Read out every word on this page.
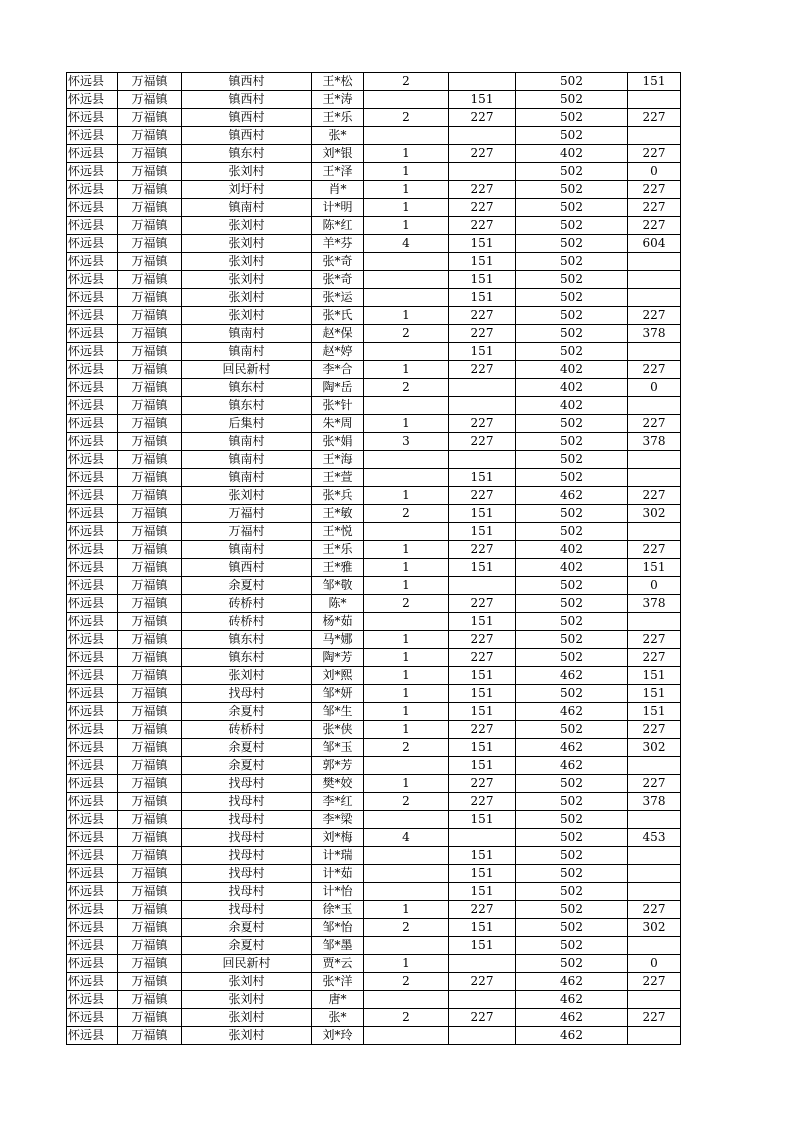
怀远县	万福镇	镇西村	王*松	2		502	151
怀远县	万福镇	镇西村	王*涛		151	502	
怀远县	万福镇	镇西村	王*乐	2	227	502	227
怀远县	万福镇	镇西村	张*			502	
怀远县	万福镇	镇东村	刘*银	1	227	402	227
怀远县	万福镇	张刘村	王*泽	1		502	0
怀远县	万福镇	刘圩村	肖*	1	227	502	227
怀远县	万福镇	镇南村	计*明	1	227	502	227
怀远县	万福镇	张刘村	陈*红	1	227	502	227
怀远县	万福镇	张刘村	羊*芬	4	151	502	604
怀远县	万福镇	张刘村	张*奇		151	502	
怀远县	万福镇	张刘村	张*奇		151	502	
怀远县	万福镇	张刘村	张*运		151	502	
怀远县	万福镇	张刘村	张*氏	1	227	502	227
怀远县	万福镇	镇南村	赵*保	2	227	502	378
怀远县	万福镇	镇南村	赵*婷		151	502	
怀远县	万福镇	回民新村	李*合	1	227	402	227
怀远县	万福镇	镇东村	陶*岳	2		402	0
怀远县	万福镇	镇东村	张*针			402	
怀远县	万福镇	后集村	朱*周	1	227	502	227
怀远县	万福镇	镇南村	张*娟	3	227	502	378
怀远县	万福镇	镇南村	王*海			502	
怀远县	万福镇	镇南村	王*萱		151	502	
怀远县	万福镇	张刘村	张*兵	1	227	462	227
怀远县	万福镇	万福村	王*敏	2	151	502	302
怀远县	万福镇	万福村	王*悦		151	502	
怀远县	万福镇	镇南村	王*乐	1	227	402	227
怀远县	万福镇	镇西村	王*雅	1	151	402	151
怀远县	万福镇	余夏村	邹*敬	1		502	0
怀远县	万福镇	砖桥村	陈*	2	227	502	378
怀远县	万福镇	砖桥村	杨*茹		151	502	
怀远县	万福镇	镇东村	马*娜	1	227	502	227
怀远县	万福镇	镇东村	陶*芳	1	227	502	227
怀远县	万福镇	张刘村	刘*熙	1	151	462	151
怀远县	万福镇	找母村	邹*妍	1	151	502	151
怀远县	万福镇	余夏村	邹*生	1	151	462	151
怀远县	万福镇	砖桥村	张*侠	1	227	502	227
怀远县	万福镇	余夏村	邹*玉	2	151	462	302
怀远县	万福镇	余夏村	郭*芳		151	462	
怀远县	万福镇	找母村	樊*姣	1	227	502	227
怀远县	万福镇	找母村	李*红	2	227	502	378
怀远县	万福镇	找母村	李*梁		151	502	
怀远县	万福镇	找母村	刘*梅	4		502	453
怀远县	万福镇	找母村	计*瑞		151	502	
怀远县	万福镇	找母村	计*茹		151	502	
怀远县	万福镇	找母村	计*怡		151	502	
怀远县	万福镇	找母村	徐*玉	1	227	502	227
怀远县	万福镇	余夏村	邹*怡	2	151	502	302
怀远县	万福镇	余夏村	邹*墨		151	502	
怀远县	万福镇	回民新村	贾*云	1		502	0
怀远县	万福镇	张刘村	张*洋	2	227	462	227
怀远县	万福镇	张刘村	唐*			462	
怀远县	万福镇	张刘村	张*	2	227	462	227
怀远县	万福镇	张刘村	刘*玲			462	
